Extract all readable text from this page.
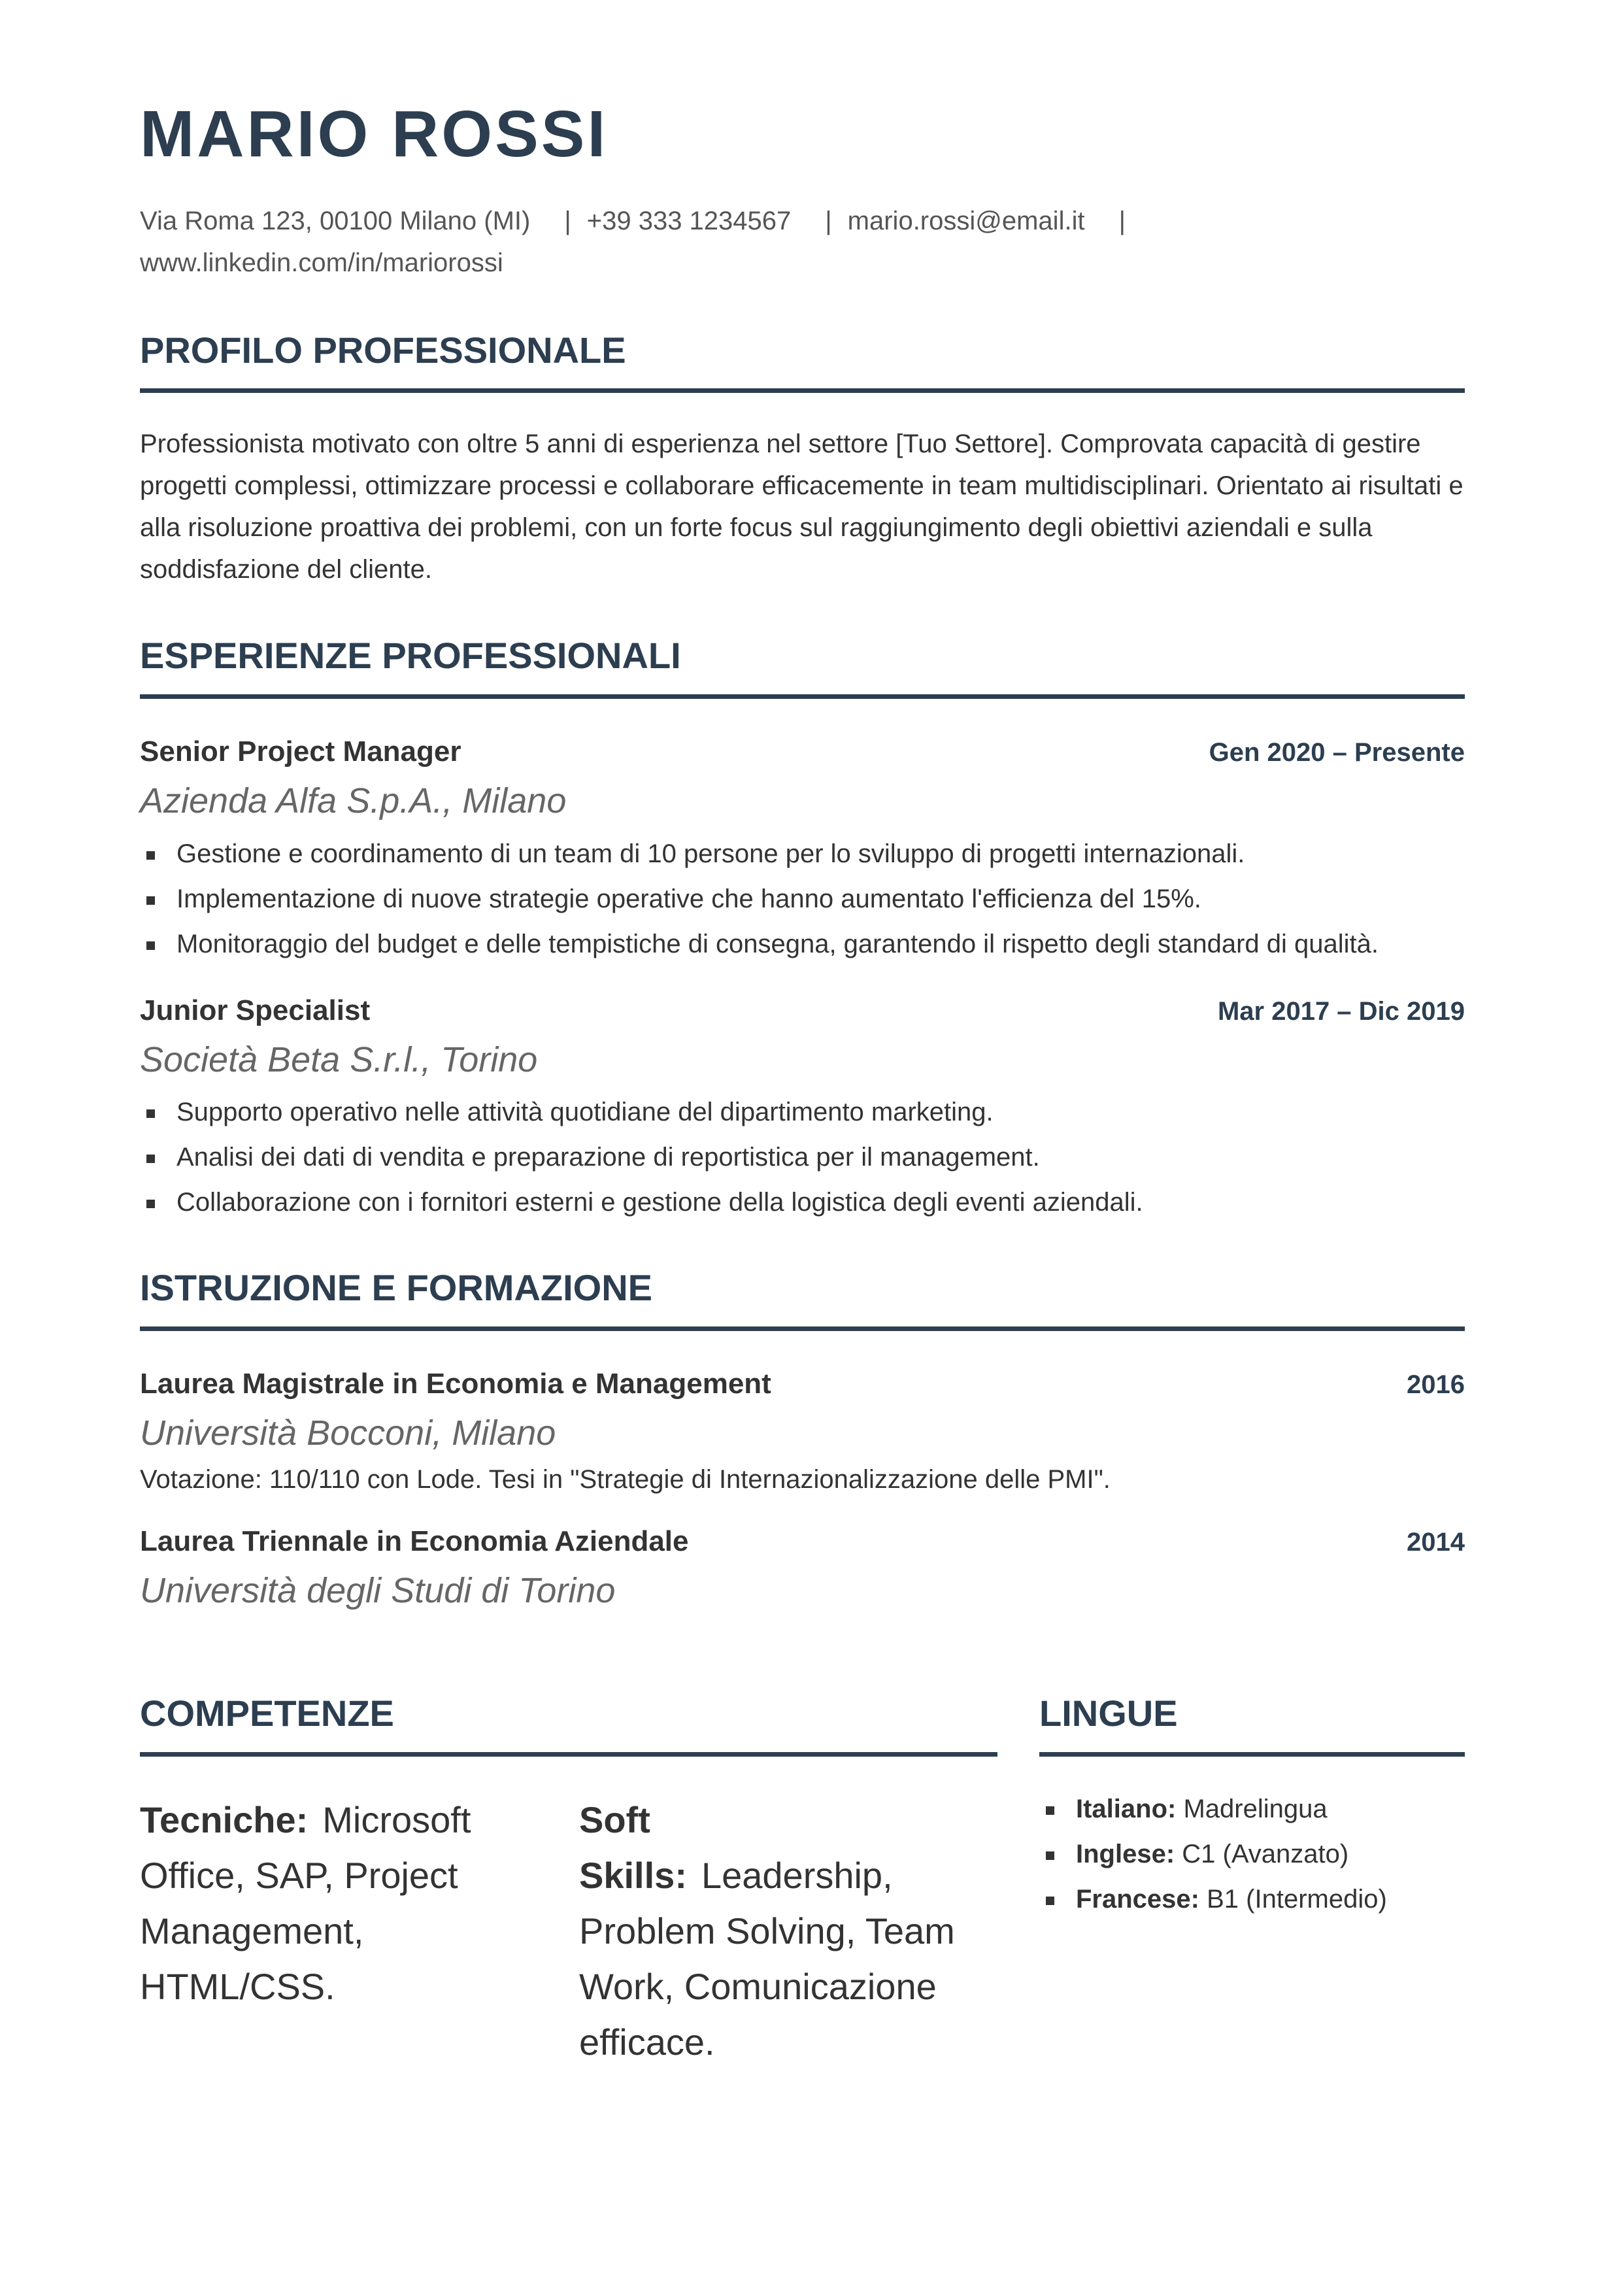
MARIO ROSSI
Via Roma 123, 00100 Milano (MI) | +39 333 1234567 | mario.rossi@email.it |
www.linkedin.com/in/mariorossi
PROFILO PROFESSIONALE

Professionista motivato con oltre 5 anni di esperienza nel settore [Tuo Settore]. Comprovata capacità di gestire progetti complessi, ottimizzare processi e collaborare efficacemente in team multidisciplinari. Orientato ai risultati e alla risoluzione proattiva dei problemi, con un forte focus sul raggiungimento degli obiettivi aziendali e sulla soddisfazione del cliente.

ESPERIENZE PROFESSIONALI
Senior Project Manager	Gen 2020 – Presente
Azienda Alfa S.p.A., Milano
Gestione e coordinamento di un team di 10 persone per lo sviluppo di progetti internazionali.
Implementazione di nuove strategie operative che hanno aumentato l'efficienza del 15%.
Monitoraggio del budget e delle tempistiche di consegna, garantendo il rispetto degli standard di qualità.
Junior Specialist	Mar 2017 – Dic 2019
Società Beta S.r.l., Torino
Supporto operativo nelle attività quotidiane del dipartimento marketing.
Analisi dei dati di vendita e preparazione di reportistica per il management.
Collaborazione con i fornitori esterni e gestione della logistica degli eventi aziendali.
ISTRUZIONE E FORMAZIONE
Laurea Magistrale in Economia e Management	2016
Università Bocconi, Milano
Votazione: 110/110 con Lode. Tesi in "Strategie di Internazionalizzazione delle PMI".
Laurea Triennale in Economia Aziendale	2014
Università degli Studi di Torino
COMPETENZE
Tecniche: Microsoft Office, SAP, Project Management, HTML/CSS.
Soft Skills: Leadership, Problem Solving, Team Work, Comunicazione efficace.
LINGUE
Italiano: Madrelingua
Inglese: C1 (Avanzato)
Francese: B1 (Intermedio)
